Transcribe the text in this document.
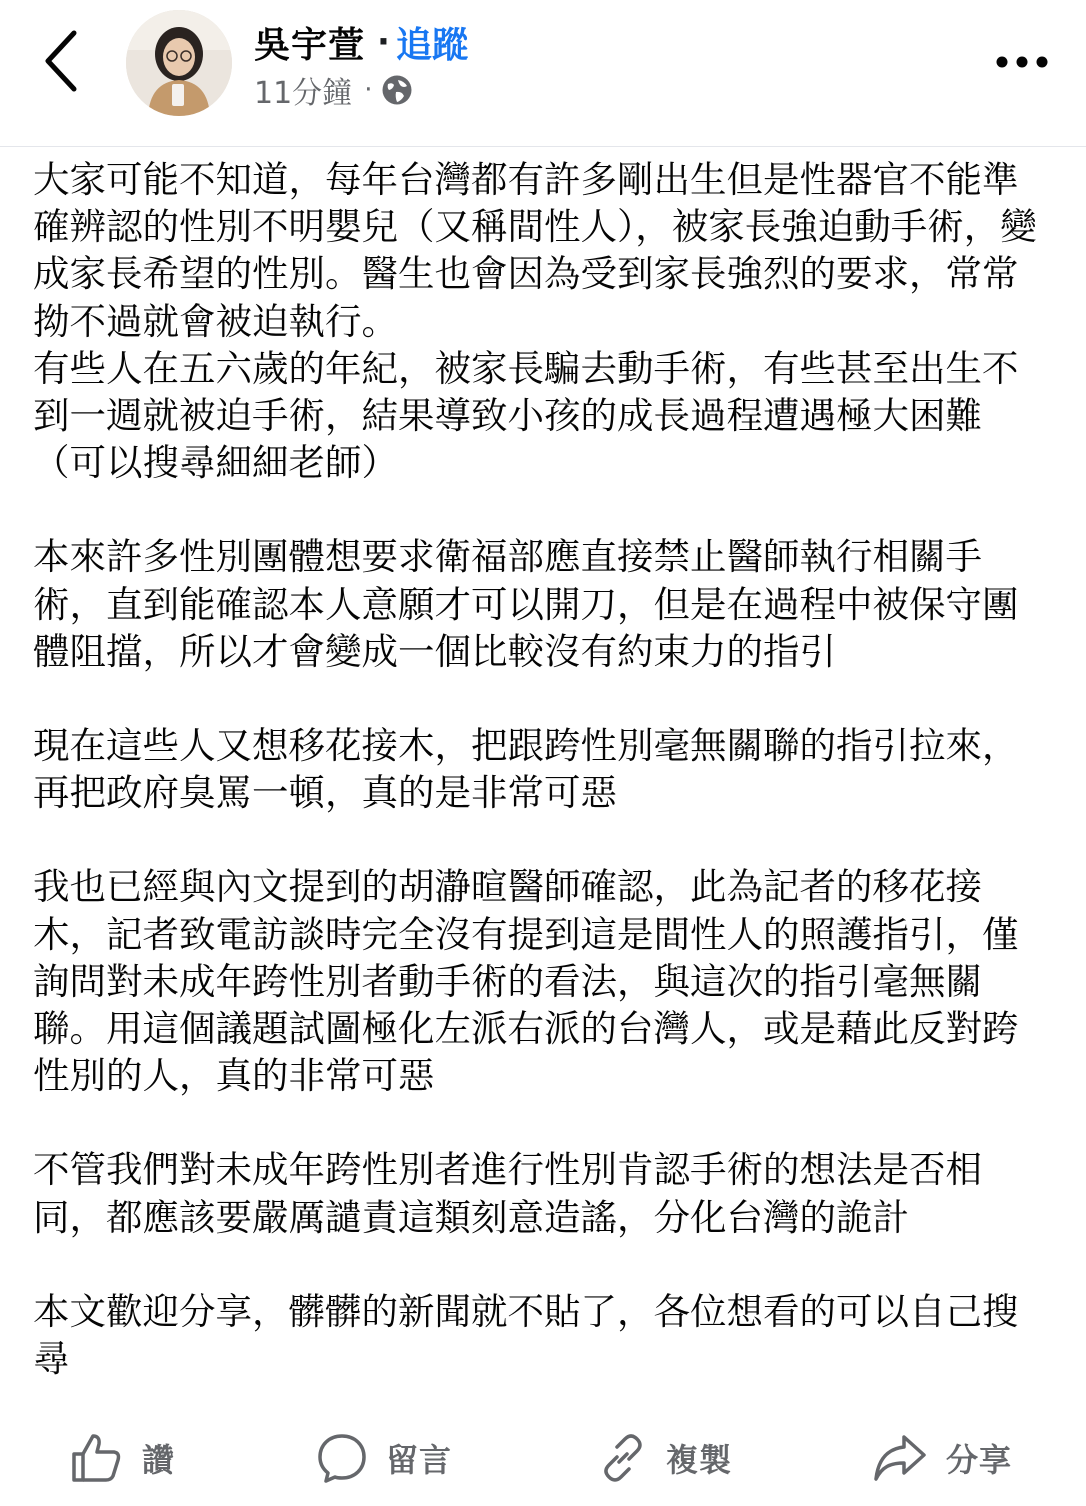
吳宇萱 · 追蹤
11分鐘 ·

大家可能不知道，每年台灣都有許多剛出生但是性器官不能準確辨認的性別不明嬰兒（又稱間性人），被家長強迫動手術，變成家長希望的性別。醫生也會因為受到家長強烈的要求，常常拗不過就會被迫執行。
有些人在五六歲的年紀，被家長騙去動手術，有些甚至出生不到一週就被迫手術，結果導致小孩的成長過程遭遇極大困難（可以搜尋細細老師）

本來許多性別團體想要求衛福部應直接禁止醫師執行相關手術，直到能確認本人意願才可以開刀，但是在過程中被保守團體阻擋，所以才會變成一個比較沒有約束力的指引

現在這些人又想移花接木，把跟跨性別毫無關聯的指引拉來，再把政府臭罵一頓，真的是非常可惡

我也已經與內文提到的胡瀞暄醫師確認，此為記者的移花接木，記者致電訪談時完全沒有提到這是間性人的照護指引，僅詢問對未成年跨性別者動手術的看法，與這次的指引毫無關聯。用這個議題試圖極化左派右派的台灣人，或是藉此反對跨性別的人，真的非常可惡

不管我們對未成年跨性別者進行性別肯認手術的想法是否相同，都應該要嚴厲譴責這類刻意造謠，分化台灣的詭計

本文歡迎分享，髒髒的新聞就不貼了，各位想看的可以自己搜尋

讚	留言	複製	分享
